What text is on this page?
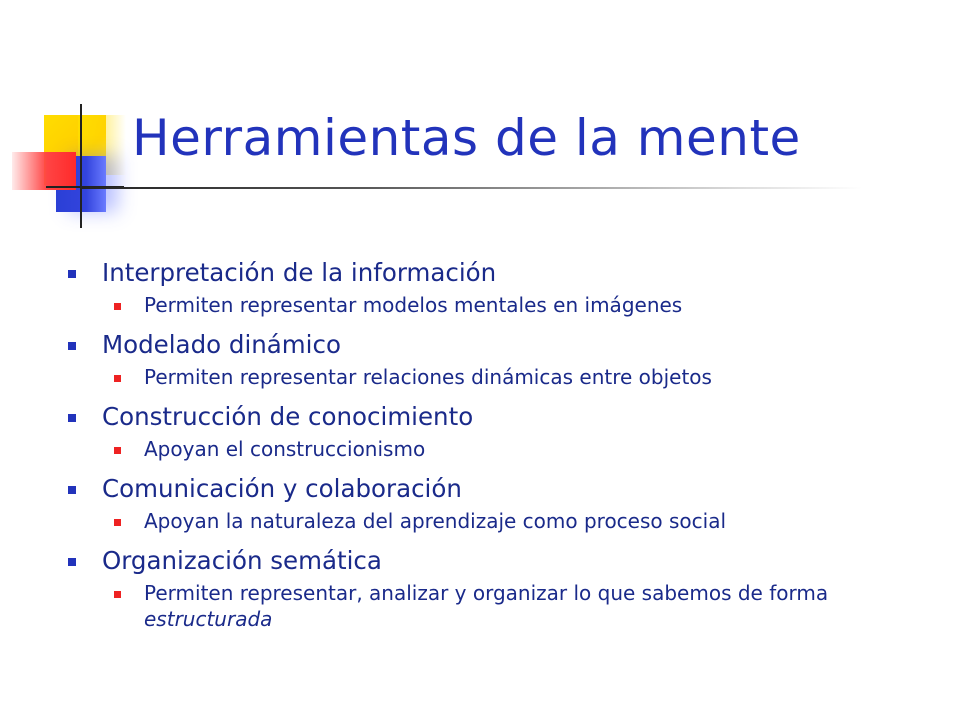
Herramientas de la mente
Interpretación de la información
Permiten representar modelos mentales en imágenes
Modelado dinámico
Permiten representar relaciones dinámicas entre objetos
Construcción de conocimiento
Apoyan el construccionismo
Comunicación y colaboración
Apoyan la naturaleza del aprendizaje como proceso social
Organización semática
Permiten representar, analizar y organizar lo que sabemos de forma estructurada
